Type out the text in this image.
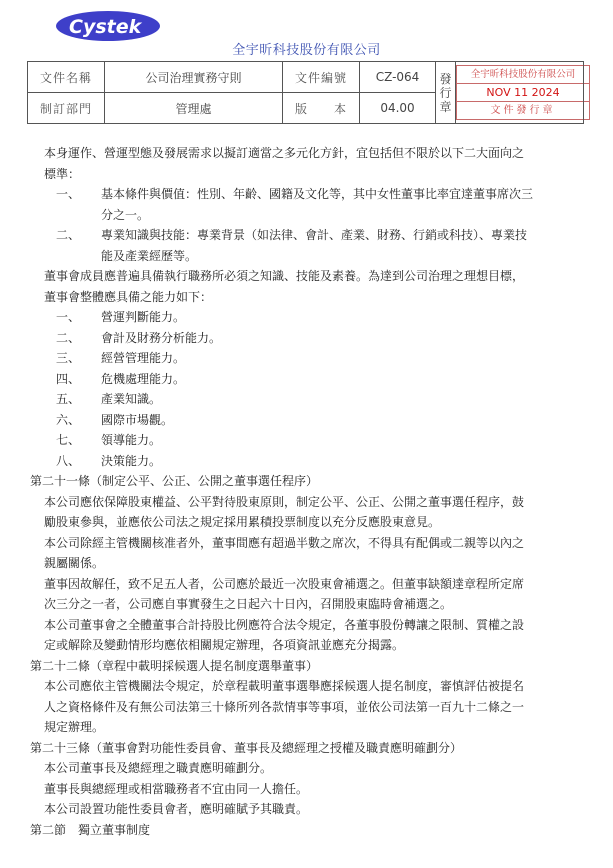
Cystek
全宇昕科技股份有限公司
文件名稱	公司治理實務守則	文件編號	CZ-064	發行章	全宇昕科技股份有限公司
NOV 11 2024
文件發行章

制訂部門	管理處	版　　本	04.00		

本身運作、營運型態及發展需求以擬訂適當之多元化方針，宜包括但不限於以下二大面向之

標準：

一、	基本條件與價值：性別、年齡、國籍及文化等，其中女性董事比率宜達董事席次三
分之一。
二、	專業知識與技能：專業背景（如法律、會計、產業、財務、行銷或科技）、專業技
能及產業經歷等。

董事會成員應普遍具備執行職務所必須之知識、技能及素養。為達到公司治理之理想目標，

董事會整體應具備之能力如下：

一、	營運判斷能力。
二、	會計及財務分析能力。
三、	經營管理能力。
四、	危機處理能力。
五、	產業知識。
六、	國際市場觀。
七、	領導能力。
八、	決策能力。

第二十一條（制定公平、公正、公開之董事選任程序）

本公司應依保障股東權益、公平對待股東原則，制定公平、公正、公開之董事選任程序，鼓

勵股東參與，並應依公司法之規定採用累積投票制度以充分反應股東意見。

本公司除經主管機關核准者外，董事間應有超過半數之席次，不得具有配偶或二親等以內之

親屬關係。

董事因故解任，致不足五人者，公司應於最近一次股東會補選之。但董事缺額達章程所定席

次三分之一者，公司應自事實發生之日起六十日內，召開股東臨時會補選之。

本公司董事會之全體董事合計持股比例應符合法令規定，各董事股份轉讓之限制、質權之設

定或解除及變動情形均應依相關規定辦理，各項資訊並應充分揭露。

第二十二條（章程中載明採候選人提名制度選舉董事）

本公司應依主管機關法令規定，於章程載明董事選舉應採候選人提名制度，審慎評估被提名

人之資格條件及有無公司法第三十條所列各款情事等事項，並依公司法第一百九十二條之一

規定辦理。

第二十三條（董事會對功能性委員會、董事長及總經理之授權及職責應明確劃分）

本公司董事長及總經理之職責應明確劃分。

董事長與總經理或相當職務者不宜由同一人擔任。

本公司設置功能性委員會者，應明確賦予其職責。

第二節　獨立董事制度
